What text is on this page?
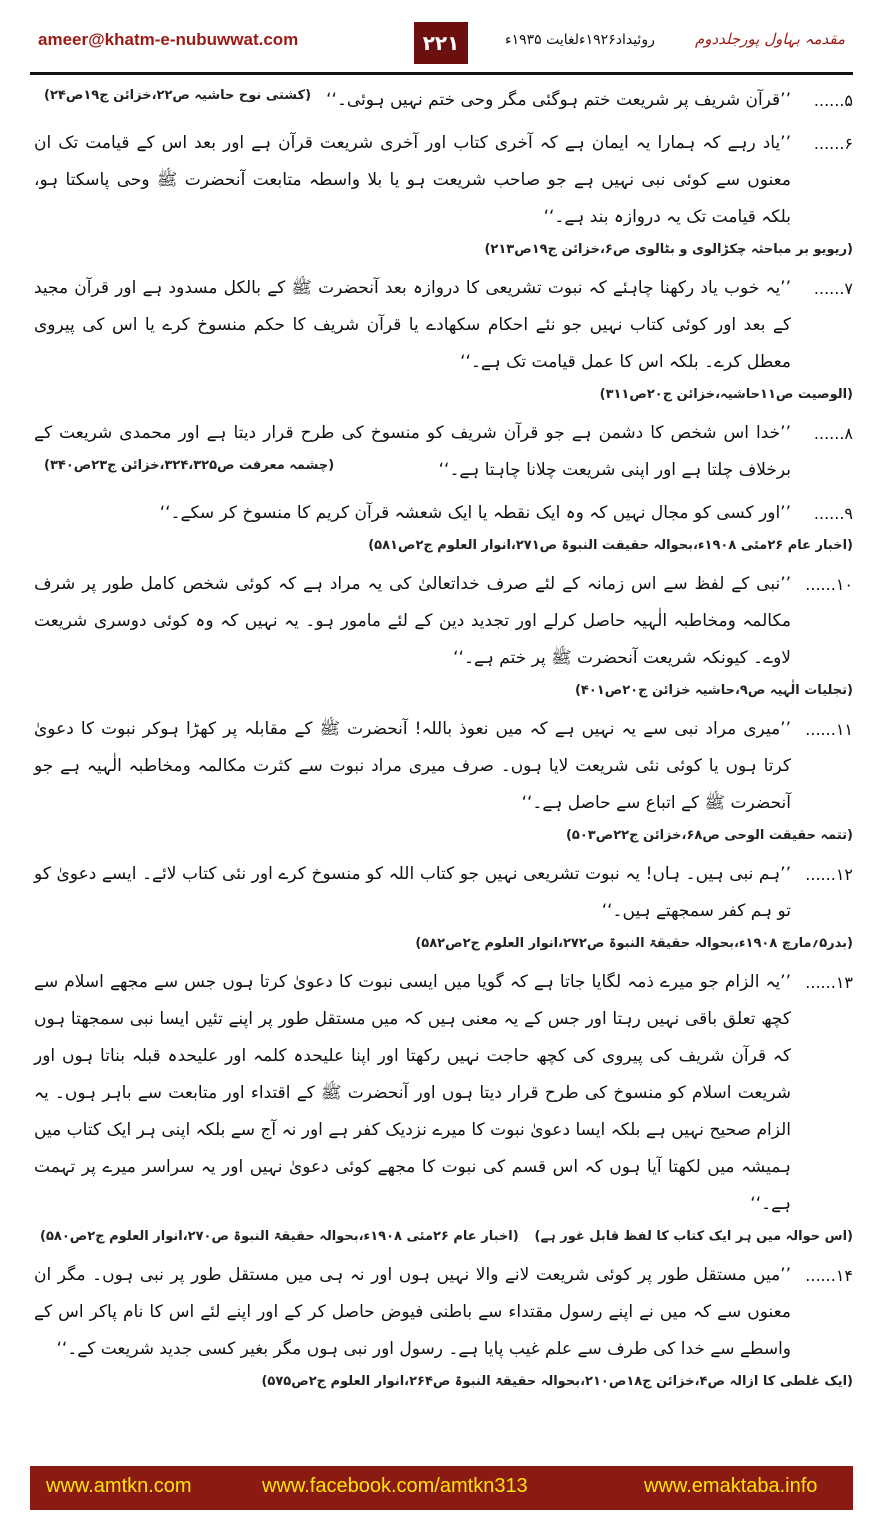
ameer@khatm-e-nubuwwat.com	۲۲۱	روئیداد۱۹۲۶ءلغایت ۱۹۳۵ء	مقدمہ بہاول پورجلددوم
۵......
’’قرآن شریف پر شریعت ختم ہوگئی مگر وحی ختم نہیں ہوئی۔‘‘
(کشتی نوح حاشیہ ص۲۲،خزائن ج۱۹ص۲۴)
۶......
’’یاد رہے کہ ہمارا یہ ایمان ہے کہ آخری کتاب اور آخری شریعت قرآن ہے اور بعد اس کے قیامت تک ان معنوں سے کوئی نبی نہیں ہے جو صاحب شریعت ہو یا بلا واسطہ متابعت آنحضرت ﷺ وحی پاسکتا ہو، بلکہ قیامت تک یہ دروازہ بند ہے۔‘‘
(ریویو بر مباحثہ چکڑالوی و بٹالوی ص۶،خزائن ج۱۹ص۲۱۳)
۷......
’’یہ خوب یاد رکھنا چاہئے کہ نبوت تشریعی کا دروازہ بعد آنحضرت ﷺ کے بالکل مسدود ہے اور قرآن مجید کے بعد اور کوئی کتاب نہیں جو نئے احکام سکھادے یا قرآن شریف کا حکم منسوخ کرے یا اس کی پیروی معطل کرے۔ بلکہ اس کا عمل قیامت تک ہے۔‘‘
(الوصیت ص۱۱حاشیہ،خزائن ج۲۰ص۳۱۱)
۸......
’’خدا اس شخص کا دشمن ہے جو قرآن شریف کو منسوخ کی طرح قرار دیتا ہے اور محمدی شریعت کے برخلاف چلتا ہے اور اپنی شریعت چلانا چاہتا ہے۔‘‘
(چشمہ معرفت ص۳۲۴،۳۲۵،خزائن ج۲۳ص۳۴۰)
۹......
’’اور کسی کو مجال نہیں کہ وہ ایک نقطہ یا ایک شعشہ قرآن کریم کا منسوخ کر سکے۔‘‘
(اخبار عام ۲۶مئی ۱۹۰۸ء،بحوالہ حقیقت النبوۃ ص۲۷۱،انوار العلوم ج۲ص۵۸۱)
۱۰......
’’نبی کے لفظ سے اس زمانہ کے لئے صرف خداتعالیٰ کی یہ مراد ہے کہ کوئی شخص کامل طور پر شرف مکالمہ ومخاطبہ الٰہیہ حاصل کرلے اور تجدید دین کے لئے مامور ہو۔ یہ نہیں کہ وہ کوئی دوسری شریعت لاوے۔ کیونکہ شریعت آنحضرت ﷺ پر ختم ہے۔‘‘
(تجلیات الٰہیہ ص۹،حاشیہ خزائن ج۲۰ص۴۰۱)
۱۱......
’’میری مراد نبی سے یہ نہیں ہے کہ میں نعوذ باللہ! آنحضرت ﷺ کے مقابلہ پر کھڑا ہوکر نبوت کا دعویٰ کرتا ہوں یا کوئی نئی شریعت لایا ہوں۔ صرف میری مراد نبوت سے کثرت مکالمہ ومخاطبہ الٰہیہ ہے جو آنحضرت ﷺ کے اتباع سے حاصل ہے۔‘‘
(تتمہ حقیقت الوحی ص۶۸،خزائن ج۲۲ص۵۰۳)
۱۲......
’’ہم نبی ہیں۔ ہاں! یہ نبوت تشریعی نہیں جو کتاب اللہ کو منسوخ کرے اور نئی کتاب لائے۔ ایسے دعویٰ کو تو ہم کفر سمجھتے ہیں۔‘‘
(بدر۵؍مارچ ۱۹۰۸ء،بحوالہ حقیقۃ النبوۃ ص۲۷۲،انوار العلوم ج۲ص۵۸۲)
۱۳......
’’یہ الزام جو میرے ذمہ لگایا جاتا ہے کہ گویا میں ایسی نبوت کا دعویٰ کرتا ہوں جس سے مجھے اسلام سے کچھ تعلق باقی نہیں رہتا اور جس کے یہ معنی ہیں کہ میں مستقل طور پر اپنے تئیں ایسا نبی سمجھتا ہوں کہ قرآن شریف کی پیروی کی کچھ حاجت نہیں رکھتا اور اپنا علیحدہ کلمہ اور علیحدہ قبلہ بناتا ہوں اور شریعت اسلام کو منسوخ کی طرح قرار دیتا ہوں اور آنحضرت ﷺ کے اقتداء اور متابعت سے باہر ہوں۔ یہ الزام صحیح نہیں ہے بلکہ ایسا دعویٰ نبوت کا میرے نزدیک کفر ہے اور نہ آج سے بلکہ اپنی ہر ایک کتاب میں ہمیشہ میں لکھتا آیا ہوں کہ اس قسم کی نبوت کا مجھے کوئی دعویٰ نہیں اور یہ سراسر میرے پر تہمت ہے۔‘‘
(اس حوالہ میں ہر ایک کتاب کا لفظ قابل غور ہے)
(اخبار عام ۲۶مئی ۱۹۰۸ء،بحوالہ حقیقۃ النبوۃ ص۲۷۰،انوار العلوم ج۲ص۵۸۰)
۱۴......
’’میں مستقل طور پر کوئی شریعت لانے والا نہیں ہوں اور نہ ہی میں مستقل طور پر نبی ہوں۔ مگر ان معنوں سے کہ میں نے اپنے رسول مقتداء سے باطنی فیوض حاصل کر کے اور اپنے لئے اس کا نام پاکر اس کے واسطے سے خدا کی طرف سے علم غیب پایا ہے۔ رسول اور نبی ہوں مگر بغیر کسی جدید شریعت کے۔‘‘
(ایک غلطی کا ازالہ ص۴،خزائن ج۱۸ص۲۱۰،بحوالہ حقیقۃ النبوۃ ص۲۶۴،انوار العلوم ج۲ص۵۷۵)
www.amtkn.com	www.facebook.com/amtkn313	www.emaktaba.info
